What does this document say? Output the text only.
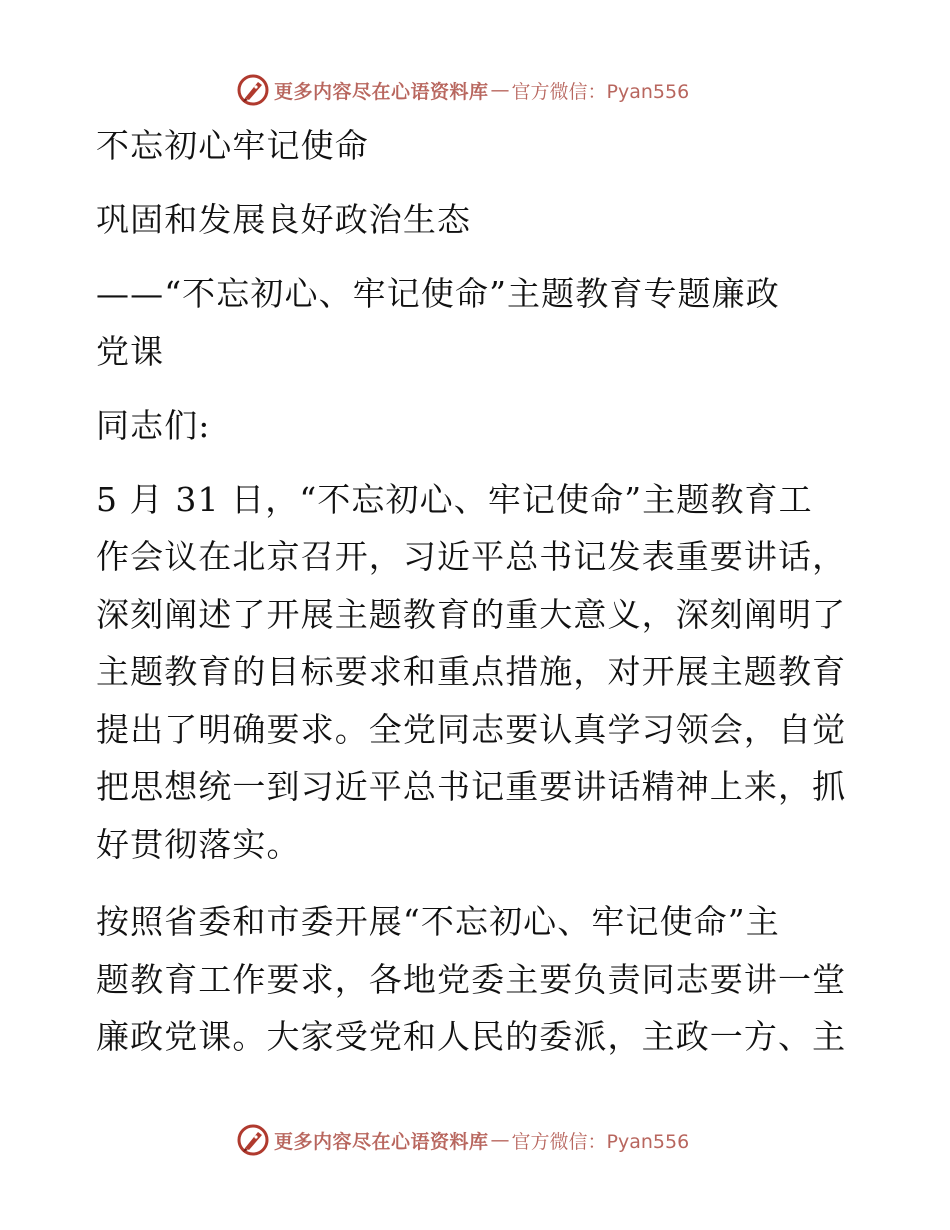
更多内容尽在心语资料库 — 官方微信：Pyan556
不忘初心牢记使命
巩固和发展良好政治生态
——“不忘初心、牢记使命”主题教育专题廉政
党课
同志们:
5 月 31 日，“不忘初心、牢记使命”主题教育工
作会议在北京召开，习近平总书记发表重要讲话，
深刻阐述了开展主题教育的重大意义，深刻阐明了
主题教育的目标要求和重点措施，对开展主题教育
提出了明确要求。全党同志要认真学习领会，自觉
把思想统一到习近平总书记重要讲话精神上来，抓
好贯彻落实。
按照省委和市委开展“不忘初心、牢记使命”主
题教育工作要求，各地党委主要负责同志要讲一堂
廉政党课。大家受党和人民的委派，主政一方、主
更多内容尽在心语资料库 — 官方微信：Pyan556
